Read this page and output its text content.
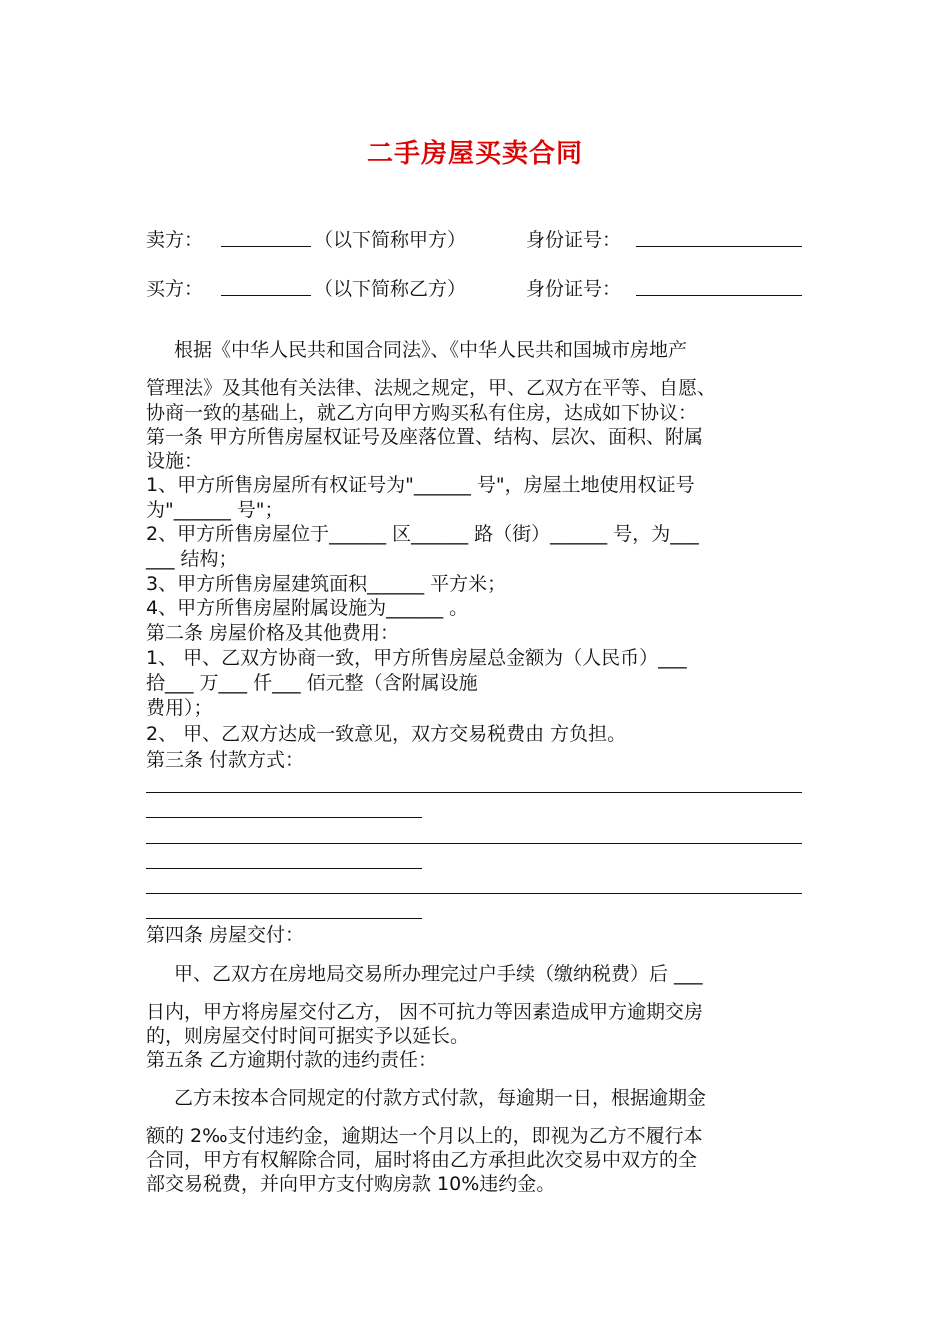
二手房屋买卖合同
卖方：	（以下简称甲方）	身份证号：
买方：	（以下简称乙方）	身份证号：
根据《中华人民共和国合同法》、《中华人民共和国城市房地产
管理法》及其他有关法律、法规之规定，甲、乙双方在平等、自愿、
协商一致的基础上，就乙方向甲方购买私有住房，达成如下协议：
第一条 甲方所售房屋权证号及座落位置、结构、层次、面积、附属
设施：
1、甲方所售房屋所有权证号为"______ 号"，房屋土地使用权证号
为"______ 号"；
2、甲方所售房屋位于______ 区______ 路（街）______ 号，为___
___ 结构；
3、甲方所售房屋建筑面积______ 平方米；
4、甲方所售房屋附属设施为______ 。
第二条 房屋价格及其他费用：
1、 甲、乙双方协商一致，甲方所售房屋总金额为（人民币）___
拾___ 万___ 仟___ 佰元整（含附属设施
费用）；
2、 甲、乙双方达成一致意见，双方交易税费由 方负担。
第三条 付款方式：
第四条 房屋交付：
甲、乙双方在房地局交易所办理完过户手续（缴纳税费）后 ___
日内，甲方将房屋交付乙方， 因不可抗力等因素造成甲方逾期交房
的，则房屋交付时间可据实予以延长。
第五条 乙方逾期付款的违约责任：
乙方未按本合同规定的付款方式付款，每逾期一日，根据逾期金
额的 2‰支付违约金，逾期达一个月以上的，即视为乙方不履行本
合同，甲方有权解除合同，届时将由乙方承担此次交易中双方的全
部交易税费，并向甲方支付购房款 10%违约金。
